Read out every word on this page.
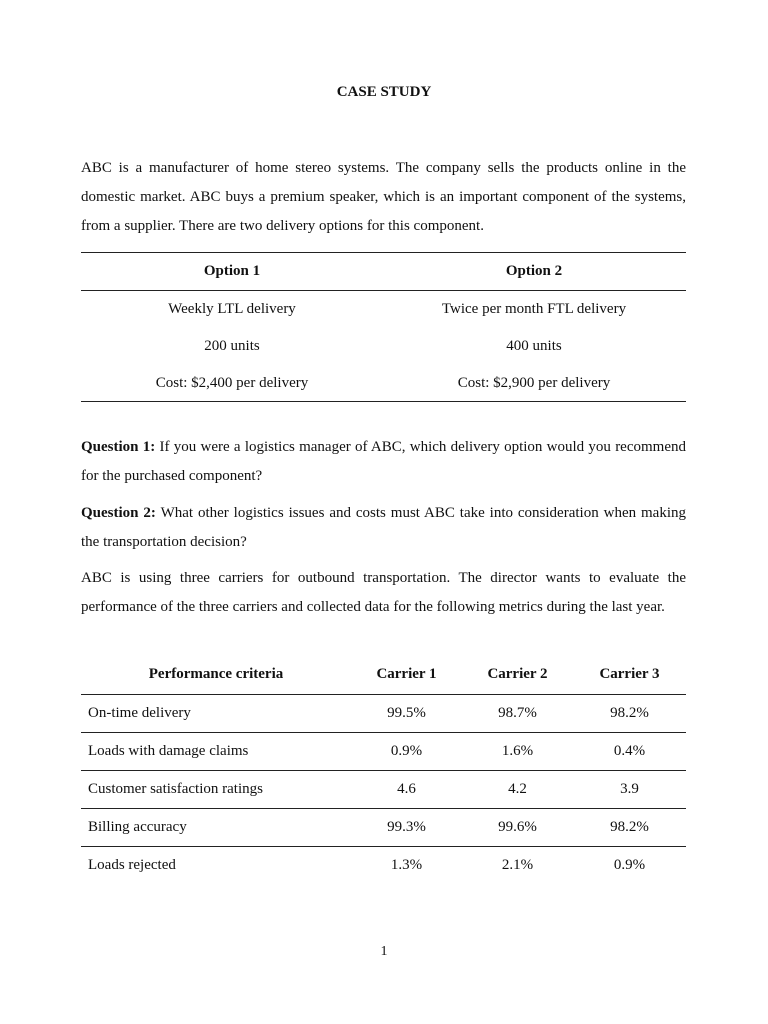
CASE STUDY

ABC is a manufacturer of home stereo systems. The company sells the products online in the domestic market. ABC buys a premium speaker, which is an important component of the systems, from a supplier. There are two delivery options for this component.

Option 1	Option 2
Weekly LTL delivery	Twice per month FTL delivery
200 units	400 units
Cost: $2,400 per delivery	Cost: $2,900 per delivery

Question 1: If you were a logistics manager of ABC, which delivery option would you recommend for the purchased component?

Question 2: What other logistics issues and costs must ABC take into consideration when making the transportation decision?

ABC is using three carriers for outbound transportation. The director wants to evaluate the performance of the three carriers and collected data for the following metrics during the last year.

Performance criteria	Carrier 1	Carrier 2	Carrier 3
On-time delivery	99.5%	98.7%	98.2%
Loads with damage claims	0.9%	1.6%	0.4%
Customer satisfaction ratings	4.6	4.2	3.9
Billing accuracy	99.3%	99.6%	98.2%
Loads rejected	1.3%	2.1%	0.9%
1
